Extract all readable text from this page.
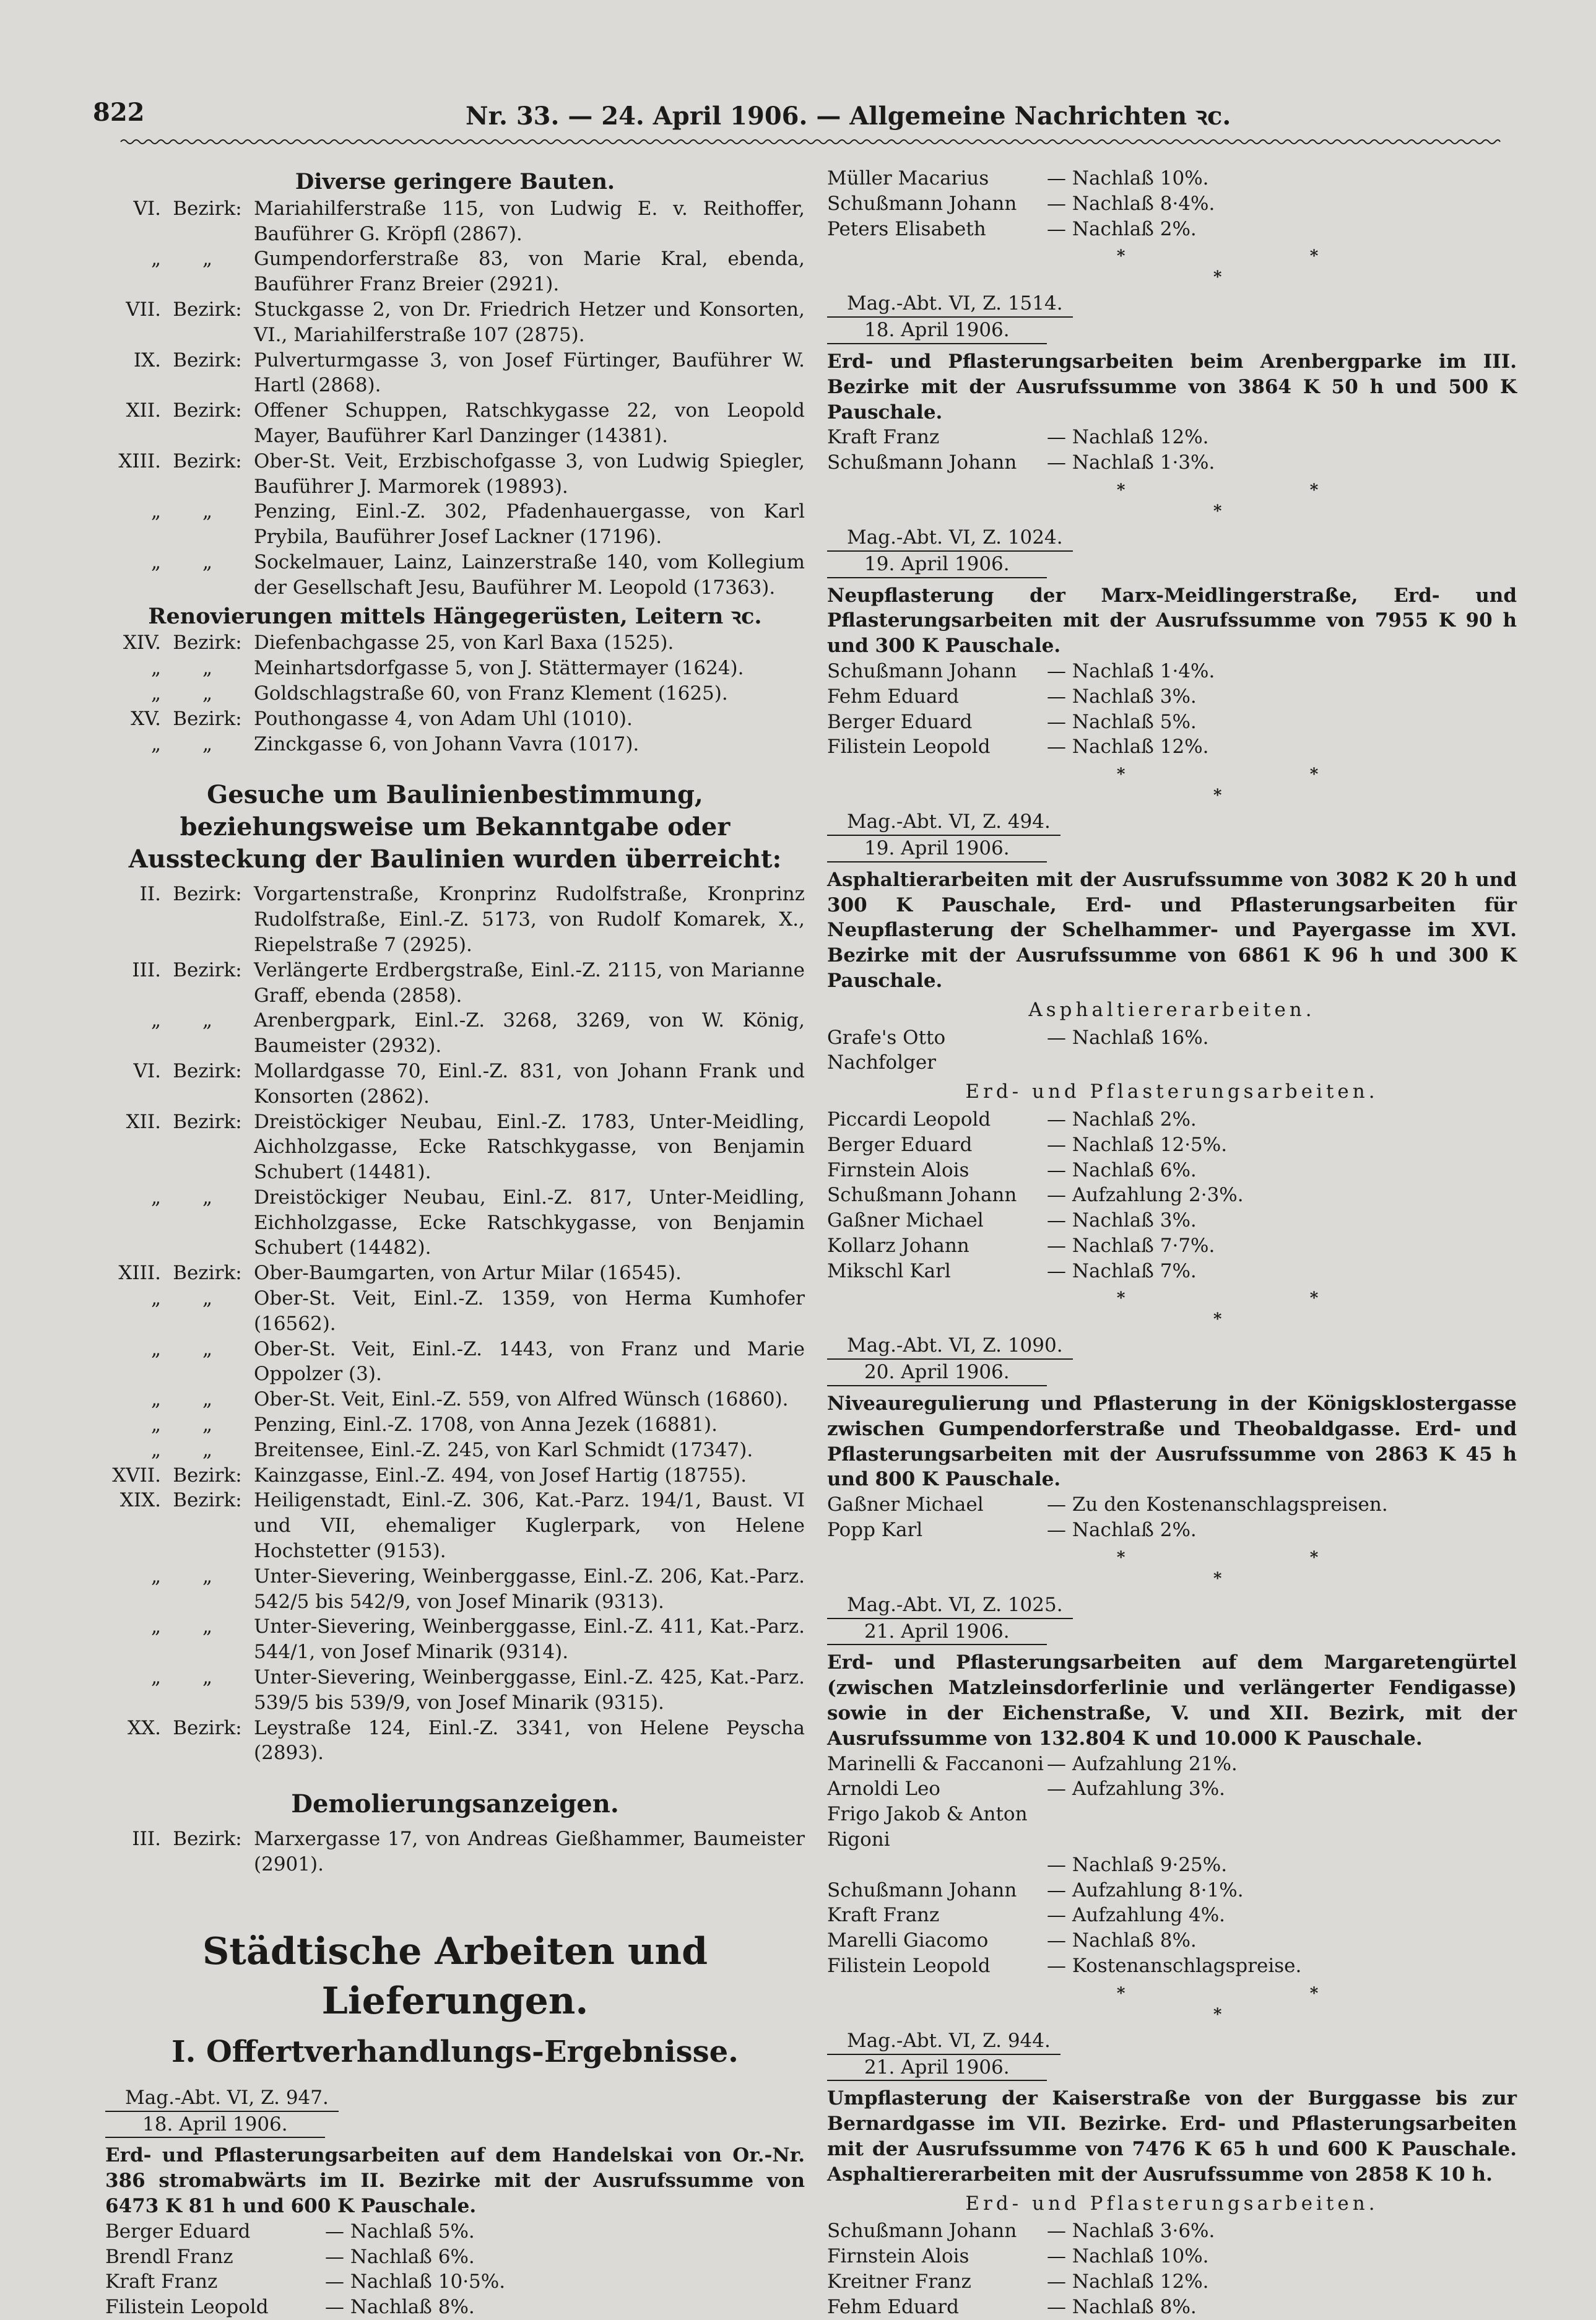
822	Nr. 33. — 24. April 1906. — Allgemeine Nachrichten ꝛc.
Diverse geringere Bauten.
VI. Bezirk: Mariahilferstraße 115, von Ludwig E. v. Reithoffer, Bauführer G. Kröpfl (2867).
„	„	Gumpendorferstraße 83, von Marie Kral, ebenda, Bauführer Franz Breier (2921).
VII. Bezirk: Stuckgasse 2, von Dr. Friedrich Hetzer und Konsorten, VI., Mariahilferstraße 107 (2875).
IX. Bezirk: Pulverturmgasse 3, von Josef Fürtinger, Bauführer W. Hartl (2868).
XII. Bezirk: Offener Schuppen, Ratschkygasse 22, von Leopold Mayer, Bauführer Karl Danzinger (14381).
XIII. Bezirk: Ober-St. Veit, Erzbischofgasse 3, von Ludwig Spiegler, Bauführer J. Marmorek (19893).
„	„	Penzing, Einl.-Z. 302, Pfadenhauergasse, von Karl Prybila, Bauführer Josef Lackner (17196).
„	„	Sockelmauer, Lainz, Lainzerstraße 140, vom Kollegium der Gesellschaft Jesu, Bauführer M. Leopold (17363).
Renovierungen mittels Hängegerüsten, Leitern ꝛc.
XIV. Bezirk: Diefenbachgasse 25, von Karl Baxa (1525).
„	„	Meinhartsdorfgasse 5, von J. Stättermayer (1624).
„	„	Goldschlagstraße 60, von Franz Klement (1625).
XV. Bezirk: Pouthongasse 4, von Adam Uhl (1010).
„	„	Zinckgasse 6, von Johann Vavra (1017).
Gesuche um Baulinienbestimmung, beziehungsweise um Bekanntgabe oder Aussteckung der Baulinien wurden überreicht:
II. Bezirk: Vorgartenstraße, Kronprinz Rudolfstraße, Kronprinz Rudolfstraße, Einl.-Z. 5173, von Rudolf Komarek, X., Riepelstraße 7 (2925).
III. Bezirk: Verlängerte Erdbergstraße, Einl.-Z. 2115, von Marianne Graff, ebenda (2858).
„	„	Arenbergpark, Einl.-Z. 3268, 3269, von W. König, Baumeister (2932).
VI. Bezirk: Mollardgasse 70, Einl.-Z. 831, von Johann Frank und Konsorten (2862).
XII. Bezirk: Dreistöckiger Neubau, Einl.-Z. 1783, Unter-Meidling, Aichholzgasse, Ecke Ratschkygasse, von Benjamin Schubert (14481).
„	„	Dreistöckiger Neubau, Einl.-Z. 817, Unter-Meidling, Eichholzgasse, Ecke Ratschkygasse, von Benjamin Schubert (14482).
XIII. Bezirk: Ober-Baumgarten, von Artur Milar (16545).
„	„	Ober-St. Veit, Einl.-Z. 1359, von Herma Kumhofer (16562).
„	„	Ober-St. Veit, Einl.-Z. 1443, von Franz und Marie Oppolzer (3).
„	„	Ober-St. Veit, Einl.-Z. 559, von Alfred Wünsch (16860).
„	„	Penzing, Einl.-Z. 1708, von Anna Jezek (16881).
„	„	Breitensee, Einl.-Z. 245, von Karl Schmidt (17347).
XVII. Bezirk: Kainzgasse, Einl.-Z. 494, von Josef Hartig (18755).
XIX. Bezirk: Heiligenstadt, Einl.-Z. 306, Kat.-Parz. 194/1, Baust. VI und VII, ehemaliger Kuglerpark, von Helene Hochstetter (9153).
„	„	Unter-Sievering, Weinberggasse, Einl.-Z. 206, Kat.-Parz. 542/5 bis 542/9, von Josef Minarik (9313).
„	„	Unter-Sievering, Weinberggasse, Einl.-Z. 411, Kat.-Parz. 544/1, von Josef Minarik (9314).
„	„	Unter-Sievering, Weinberggasse, Einl.-Z. 425, Kat.-Parz. 539/5 bis 539/9, von Josef Minarik (9315).
XX. Bezirk: Leystraße 124, Einl.-Z. 3341, von Helene Peyscha (2893).
Demolierungsanzeigen.
III. Bezirk: Marxergasse 17, von Andreas Gießhammer, Baumeister (2901).
Städtische Arbeiten und Lieferungen.
I. Offertverhandlungs-Ergebnisse.
Mag.-Abt. VI, Z. 947.
18. April 1906.
Erd- und Pflasterungsarbeiten auf dem Handelskai von Or.-Nr. 386 stromabwärts im II. Bezirke mit der Ausrufssumme von 6473 K 81 h und 600 K Pauschale.
Berger Eduard	— Nachlaß 5%.
Brendl Franz	— Nachlaß 6%.
Kraft Franz	— Nachlaß 10·5%.
Filistein Leopold	— Nachlaß 8%.
Müller Macarius	— Nachlaß 10%.
Schußmann Johann	— Nachlaß 8·4%.
Peters Elisabeth	— Nachlaß 2%.
*	*
*
Mag.-Abt. VI, Z. 1514.
18. April 1906.
Erd- und Pflasterungsarbeiten beim Arenbergparke im III. Bezirke mit der Ausrufssumme von 3864 K 50 h und 500 K Pauschale.
Kraft Franz	— Nachlaß 12%.
Schußmann Johann	— Nachlaß 1·3%.
*	*
*
Mag.-Abt. VI, Z. 1024.
19. April 1906.
Neupflasterung der Marx-Meidlingerstraße, Erd- und Pflasterungsarbeiten mit der Ausrufssumme von 7955 K 90 h und 300 K Pauschale.
Schußmann Johann	— Nachlaß 1·4%.
Fehm Eduard	— Nachlaß 3%.
Berger Eduard	— Nachlaß 5%.
Filistein Leopold	— Nachlaß 12%.
*	*
*
Mag.-Abt. VI, Z. 494.
19. April 1906.
Asphaltierarbeiten mit der Ausrufssumme von 3082 K 20 h und 300 K Pauschale, Erd- und Pflasterungsarbeiten für Neupflasterung der Schelhammer- und Payergasse im XVI. Bezirke mit der Ausrufssumme von 6861 K 96 h und 300 K Pauschale.
Asphaltiererarbeiten.
Grafe's Otto Nachfolger
— Nachlaß 16%.
Erd- und Pflasterungsarbeiten.
Piccardi Leopold	— Nachlaß 2%.
Berger Eduard	— Nachlaß 12·5%.
Firnstein Alois	— Nachlaß 6%.
Schußmann Johann	— Aufzahlung 2·3%.
Gaßner Michael	— Nachlaß 3%.
Kollarz Johann	— Nachlaß 7·7%.
Mikschl Karl	— Nachlaß 7%.
*	*
*
Mag.-Abt. VI, Z. 1090.
20. April 1906.
Niveauregulierung und Pflasterung in der Königsklostergasse zwischen Gumpendorferstraße und Theobaldgasse. Erd- und Pflasterungsarbeiten mit der Ausrufssumme von 2863 K 45 h und 800 K Pauschale.
Gaßner Michael	— Zu den Kostenanschlagspreisen.
Popp Karl	— Nachlaß 2%.
*	*
*
Mag.-Abt. VI, Z. 1025.
21. April 1906.
Erd- und Pflasterungsarbeiten auf dem Margaretengürtel (zwischen Matzleinsdorferlinie und verlängerter Fendigasse) sowie in der Eichenstraße, V. und XII. Bezirk, mit der Ausrufssumme von 132.804 K und 10.000 K Pauschale.
Marinelli & Faccanoni — Aufzahlung 21%.
Arnoldi Leo	— Aufzahlung 3%.
Frigo Jakob & Anton Rigoni
— Nachlaß 9·25%.
Schußmann Johann	— Aufzahlung 8·1%.
Kraft Franz	— Aufzahlung 4%.
Marelli Giacomo	— Nachlaß 8%.
Filistein Leopold	— Kostenanschlagspreise.
*	*
*
Mag.-Abt. VI, Z. 944.
21. April 1906.
Umpflasterung der Kaiserstraße von der Burggasse bis zur Bernardgasse im VII. Bezirke. Erd- und Pflasterungsarbeiten mit der Ausrufssumme von 7476 K 65 h und 600 K Pauschale. Asphaltiererarbeiten mit der Ausrufssumme von 2858 K 10 h.
Erd- und Pflasterungsarbeiten.
Schußmann Johann	— Nachlaß 3·6%.
Firnstein Alois	— Nachlaß 10%.
Kreitner Franz	— Nachlaß 12%.
Fehm Eduard	— Nachlaß 8%.
